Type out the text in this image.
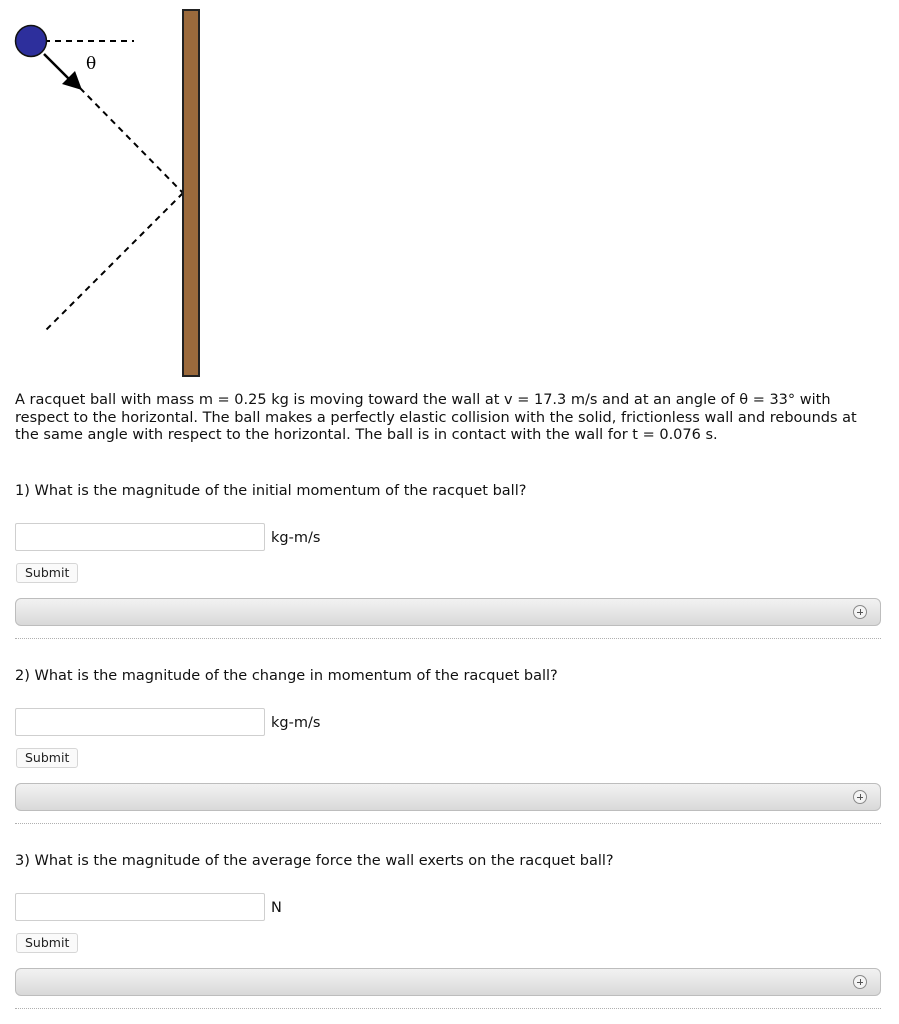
θ

A racquet ball with mass m = 0.25 kg is moving toward the wall at v = 17.3 m/s and at an angle of θ = 33° with respect to the horizontal. The ball makes a perfectly elastic collision with the solid, frictionless wall and rebounds at the same angle with respect to the horizontal. The ball is in contact with the wall for t = 0.076 s.

1) What is the magnitude of the initial momentum of the racquet ball?

kg-m/s
Submit

2) What is the magnitude of the change in momentum of the racquet ball?

kg-m/s
Submit

3) What is the magnitude of the average force the wall exerts on the racquet ball?

N
Submit
